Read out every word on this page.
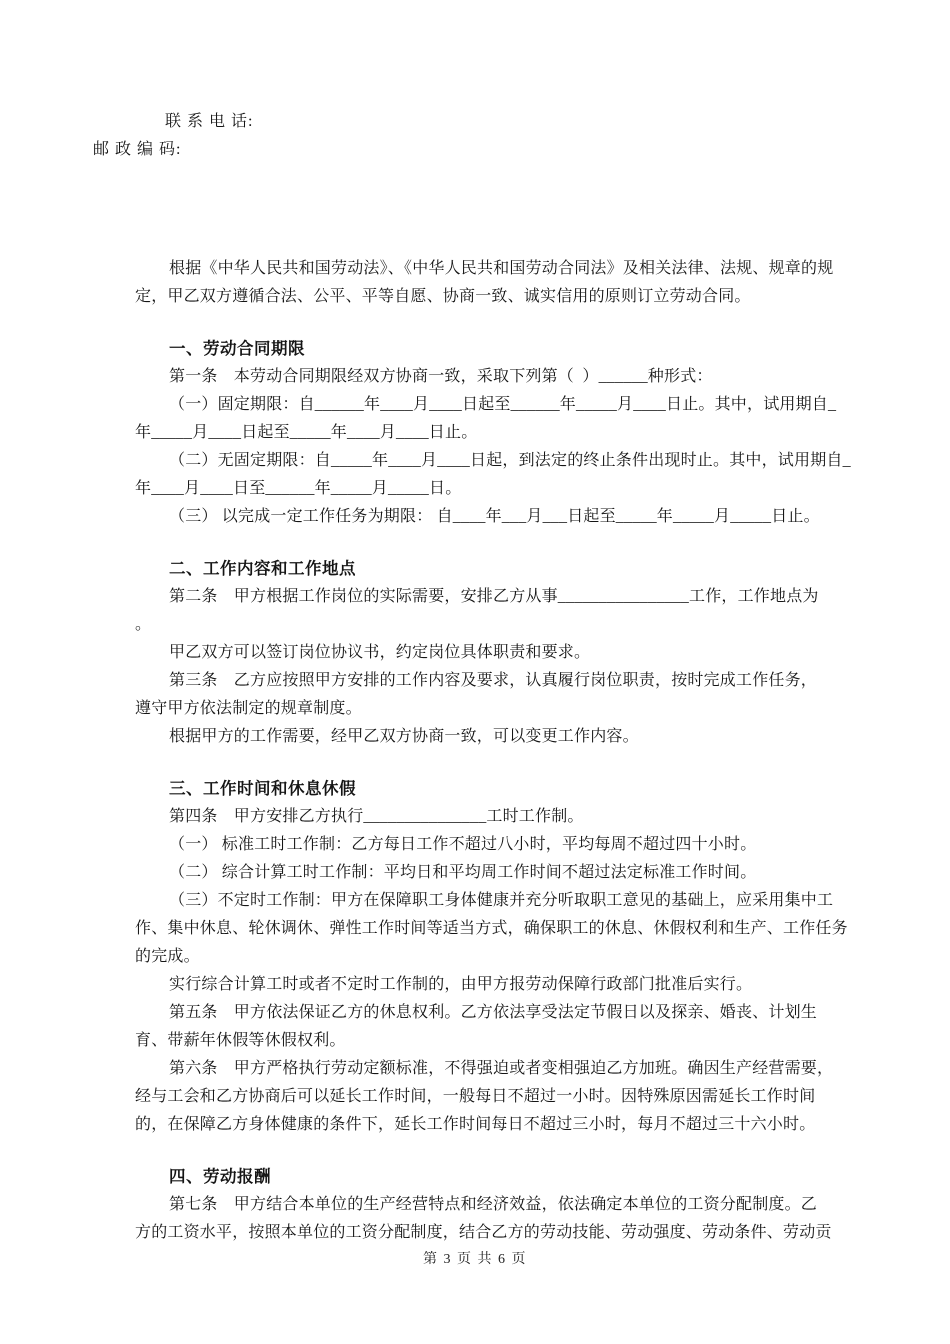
联 系 电 话:
邮 政 编 码:
根据《中华人民共和国劳动法》、《中华人民共和国劳动合同法》及相关法律、法规、规章的规
定，甲乙双方遵循合法、公平、平等自愿、协商一致、诚实信用的原则订立劳动合同。
一、劳动合同期限
第一条　本劳动合同期限经双方协商一致，采取下列第（  ）______种形式：
（一）固定期限：自______年____月____日起至______年_____月____日止。其中，试用期自_
年_____月____日起至_____年____月____日止。
（二）无固定期限：自_____年____月____日起，到法定的终止条件出现时止。其中，试用期自_
年____月____日至______年_____月_____日。
（三） 以完成一定工作任务为期限： 自____年___月___日起至_____年_____月_____日止。
二、工作内容和工作地点
第二条　甲方根据工作岗位的实际需要，安排乙方从事________________工作，工作地点为
。
甲乙双方可以签订岗位协议书，约定岗位具体职责和要求。
第三条　乙方应按照甲方安排的工作内容及要求，认真履行岗位职责，按时完成工作任务，
遵守甲方依法制定的规章制度。
根据甲方的工作需要，经甲乙双方协商一致，可以变更工作内容。
三、工作时间和休息休假
第四条　甲方安排乙方执行_______________工时工作制。
（一） 标准工时工作制：乙方每日工作不超过八小时，平均每周不超过四十小时。
（二） 综合计算工时工作制：平均日和平均周工作时间不超过法定标准工作时间。
（三）不定时工作制：甲方在保障职工身体健康并充分听取职工意见的基础上，应采用集中工
作、集中休息、轮休调休、弹性工作时间等适当方式，确保职工的休息、休假权利和生产、工作任务
的完成。
实行综合计算工时或者不定时工作制的，由甲方报劳动保障行政部门批准后实行。
第五条　甲方依法保证乙方的休息权利。乙方依法享受法定节假日以及探亲、婚丧、计划生
育、带薪年休假等休假权利。
第六条　甲方严格执行劳动定额标准，不得强迫或者变相强迫乙方加班。确因生产经营需要，
经与工会和乙方协商后可以延长工作时间，一般每日不超过一小时。因特殊原因需延长工作时间
的，在保障乙方身体健康的条件下，延长工作时间每日不超过三小时，每月不超过三十六小时。
四、劳动报酬
第七条　甲方结合本单位的生产经营特点和经济效益，依法确定本单位的工资分配制度。乙
方的工资水平，按照本单位的工资分配制度，结合乙方的劳动技能、劳动强度、劳动条件、劳动贡
第 3 页 共 6 页
